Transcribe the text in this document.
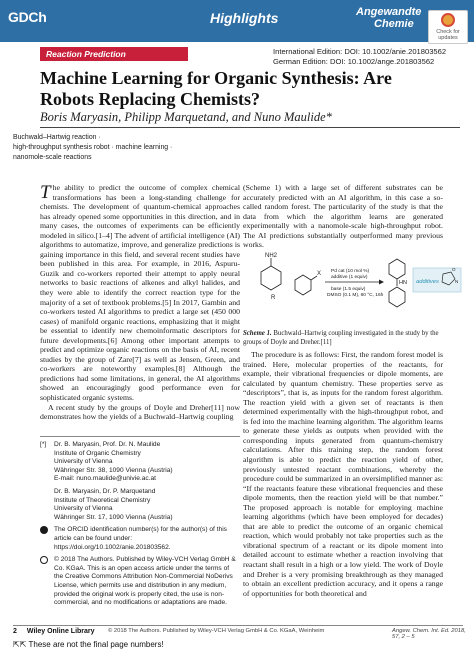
GDCh	Highlights	Angewandte
Chemie
Check for updates
Reaction Prediction	International Edition: DOI: 10.1002/anie.201803562
German Edition: DOI: 10.1002/ange.201803562
Machine Learning for Organic Synthesis: Are Robots Replacing Chemists?
Boris Maryasin, Philipp Marquetand, and Nuno Maulide*
Buchwald–Hartwig reaction ·
high-throughput synthesis robot · machine learning ·
nanomole-scale reactions

The ability to predict the outcome of complex chemical transformations has been a long-standing challenge for chemists. The development of quantum-chemical approaches has already opened some opportunities in this direction, and in many cases, the outcomes of experiments can be efficiently modeled in silico.[1–4] The advent of artificial intelligence (AI) algorithms to automatize, improve, and generalize predictions is gaining importance in this field, and several recent studies have been published in this area. For example, in 2016, Aspuru-Guzik and co-workers reported their attempt to apply neural networks to basic reactions of alkenes and alkyl halides, and they were able to identify the correct reaction type for the majority of a set of textbook problems.[5] In 2017, Gambin and co-workers tested AI algorithms to predict a large set (450 000 cases) of manifold organic reactions, emphasizing that it might be essential to identify new chemoinformatic descriptors for future developments.[6] Among other important attempts to predict and optimize organic reactions on the basis of AI, recent studies by the group of Zare[7] as well as Jensen, Green, and co-workers are noteworthy examples.[8] Although the predictions had some limitations, in general, the AI algorithms showed an encouragingly good performance even for sophisticated organic systems.

A recent study by the groups of Doyle and Dreher[11] now demonstrates how the yields of a Buchwald–Hartwig coupling

(Scheme 1) with a large set of different substrates can be accurately predicted with an AI algorithm, in this case a so-called random forest. The particularity of the study is that the data from which the algorithm learns are generated experimentally with a nanomole-scale high-throughput robot. The AI predictions substantially outperformed many previous works.

NH2
R
X Pd cat (10 mol %)
additive (1 equiv)
base (1.5 equiv)
DMSO (0.1 M), 60 °C, 16h
HN additives
O
N
Scheme 1. Buchwald–Hartwig coupling investigated in the study by the groups of Doyle and Dreher.[11]

The procedure is as follows: First, the random forest model is trained. Here, molecular properties of the reactants, for example, their vibrational frequencies or dipole moments, are calculated by quantum chemistry. These properties serve as “descriptors”, that is, as inputs for the random forest algorithm. The reaction yield with a given set of reactants is then determined experimentally with the high-throughput robot, and is fed into the machine learning algorithm. The algorithm learns to generate these yields as outputs when provided with the corresponding inputs generated from quantum-chemistry calculations. After this training step, the random forest algorithm is able to predict the reaction yield of other, previously untested reactant combinations, whereby the procedure could be summarized in an oversimplified manner as: “If the reactants feature these vibrational frequencies and these dipole moments, then the reaction yield will be that number.” The proposed approach is notable for employing machine learning algorithms (which have been employed for decades) that are able to predict the outcome of an organic chemical reaction, which would probably not take properties such as the vibrational spectrum of a reactant or its dipole moment into detailed account to estimate whether a reaction involving that reactant shall result in a high or a low yield. The work of Doyle and Dreher is a very promising breakthrough as they managed to obtain an excellent prediction accuracy, and it opens a range of opportunities for both theoretical and

[*]	Dr. B. Maryasin, Prof. Dr. N. Maulide
Institute of Organic Chemistry
University of Vienna
Währinger Str. 38, 1090 Vienna (Austria)
E-mail: nuno.maulide@univie.ac.at
Dr. B. Maryasin, Dr. P. Marquetand
Institute of Theoretical Chemistry
University of Vienna
Währinger Str. 17, 1090 Vienna (Austria)
The ORCID identification number(s) for the author(s) of this article can be found under: https://doi.org/10.1002/anie.201803562.
© 2018 The Authors. Published by Wiley-VCH Verlag GmbH & Co. KGaA. This is an open access article under the terms of the Creative Commons Attribution Non-Commercial NoDerivs License, which permits use and distribution in any medium, provided the original work is properly cited, the use is non-commercial, and no modifications or adaptations are made.
2 Wiley Online Library	© 2018 The Authors. Published by Wiley-VCH Verlag GmbH & Co. KGaA, Weinheim	Angew. Chem. Int. Ed. 2018, 57, 2 – 5
⇱⇱ These are not the final page numbers!
